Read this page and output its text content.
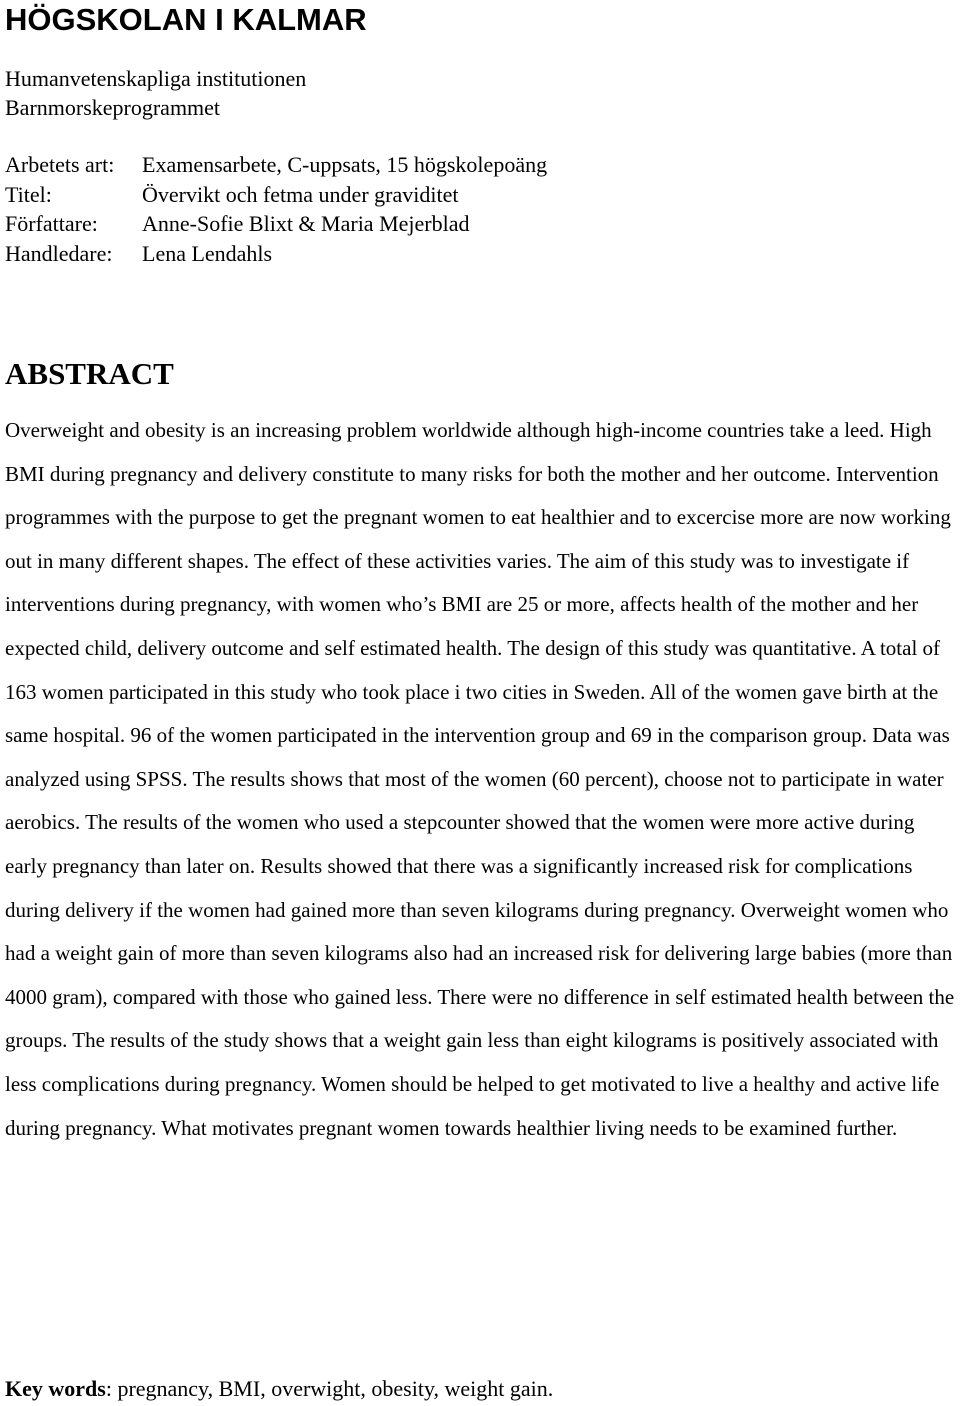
HÖGSKOLAN I KALMAR
Humanvetenskapliga institutionen
Barnmorskeprogrammet
Arbetets art:	Examensarbete, C-uppsats, 15 högskolepoäng
Titel:	Övervikt och fetma under graviditet
Författare:	Anne-Sofie Blixt & Maria Mejerblad
Handledare:	Lena Lendahls
ABSTRACT

Overweight and obesity is an increasing problem worldwide although high-income countries take a leed. High BMI during pregnancy and delivery constitute to many risks for both the mother and her outcome. Intervention programmes with the purpose to get the pregnant women to eat healthier and to excercise more are now working out in many different shapes. The effect of these activities varies. The aim of this study was to investigate if interventions during pregnancy, with women who’s BMI are 25 or more, affects health of the mother and her expected child, delivery outcome and self estimated health. The design of this study was quantitative. A total of 163 women participated in this study who took place i two cities in Sweden. All of the women gave birth at the same hospital. 96 of the women participated in the intervention group and 69 in the comparison group. Data was analyzed using SPSS. The results shows that most of the women (60 percent), choose not to participate in water aerobics. The results of the women who used a stepcounter showed that the women were more active during early pregnancy than later on. Results showed that there was a significantly increased risk for complications during delivery if the women had gained more than seven kilograms during pregnancy. Overweight women who had a weight gain of more than seven kilograms also had an increased risk for delivering large babies (more than 4000 gram), compared with those who gained less. There were no difference in self estimated health between the groups. The results of the study shows that a weight gain less than eight kilograms is positively associated with less complications during pregnancy. Women should be helped to get motivated to live a healthy and active life during pregnancy. What motivates pregnant women towards healthier living needs to be examined further.

Key words: pregnancy, BMI, overwight, obesity, weight gain.
